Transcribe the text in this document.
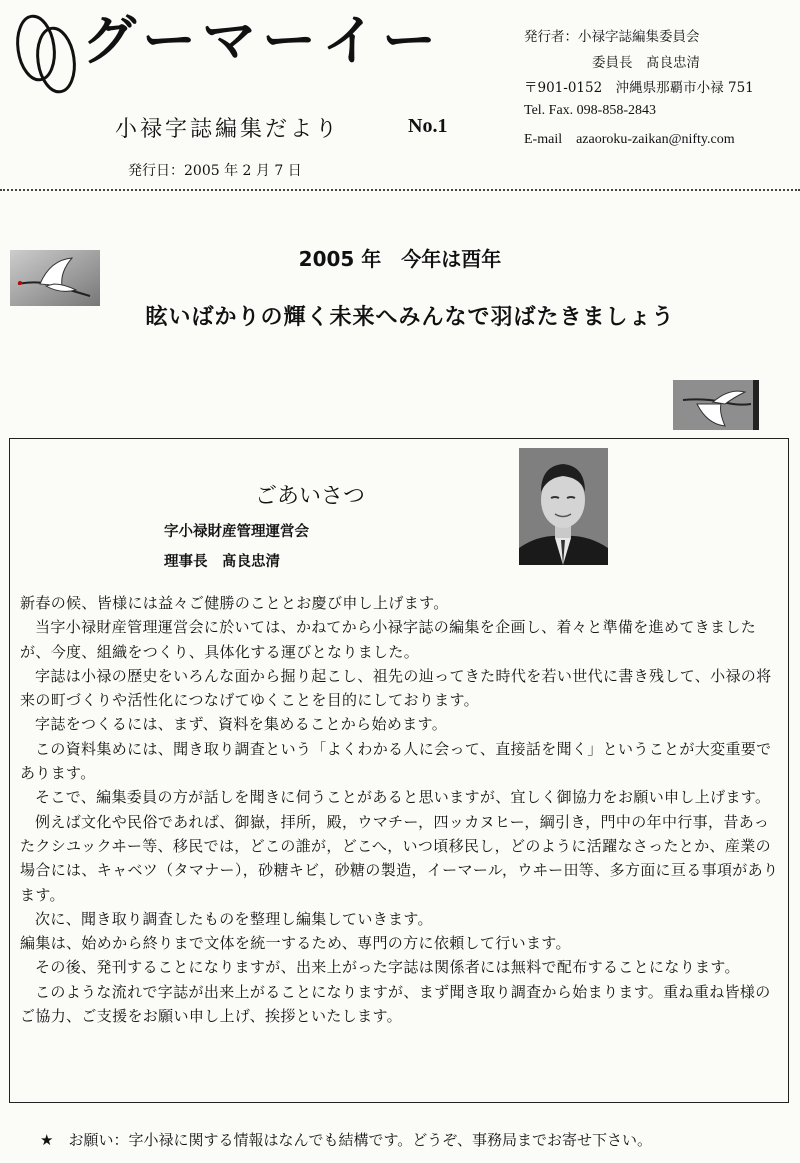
グーマーイー
小禄字誌編集だより	No.1
発行日：2005 年 2 月 7 日
発行者：小禄字誌編集委員会
委員長　髙良忠清
〒901-0152　沖縄県那覇市小禄 751
Tel. Fax. 098-858-2843
E-mail　azaoroku-zaikan@nifty.com
2005 年　今年は酉年
眩いばかりの輝く未来へみんなで羽ばたきましょう
ごあいさつ
字小禄財産管理運営会
理事長　髙良忠清

新春の候、皆様には益々ご健勝のこととお慶び申し上げます。

当字小禄財産管理運営会に於いては、かねてから小禄字誌の編集を企画し、着々と準備を進めてきましたが、今度、組織をつくり、具体化する運びとなりました。

字誌は小禄の歴史をいろんな面から掘り起こし、祖先の辿ってきた時代を若い世代に書き残して、小禄の将来の町づくりや活性化につなげてゆくことを目的にしております。

字誌をつくるには、まず、資料を集めることから始めます。

この資料集めには、聞き取り調査という「よくわかる人に会って、直接話を聞く」ということが大変重要であります。

そこで、編集委員の方が話しを聞きに伺うことがあると思いますが、宜しく御協力をお願い申し上げます。

例えば文化や民俗であれば、御嶽，拝所，殿，ウマチー，四ッカヌヒー，綱引き，門中の年中行事，昔あったクシユックヰー等、移民では，どこの誰が，どこへ，いつ頃移民し，どのように活躍なさったとか、産業の場合には、キャベツ（タマナー），砂糖キビ，砂糖の製造，イーマール，ウヰー田等、多方面に亘る事項があります。

次に、聞き取り調査したものを整理し編集していきます。

編集は、始めから終りまで文体を統一するため、専門の方に依頼して行います。

その後、発刊することになりますが、出来上がった字誌は関係者には無料で配布することになります。

このような流れで字誌が出来上がることになりますが、まず聞き取り調査から始まります。重ね重ね皆様のご協力、ご支援をお願い申し上げ、挨拶といたします。

★　お願い：字小禄に関する情報はなんでも結構です。どうぞ、事務局までお寄せ下さい。
